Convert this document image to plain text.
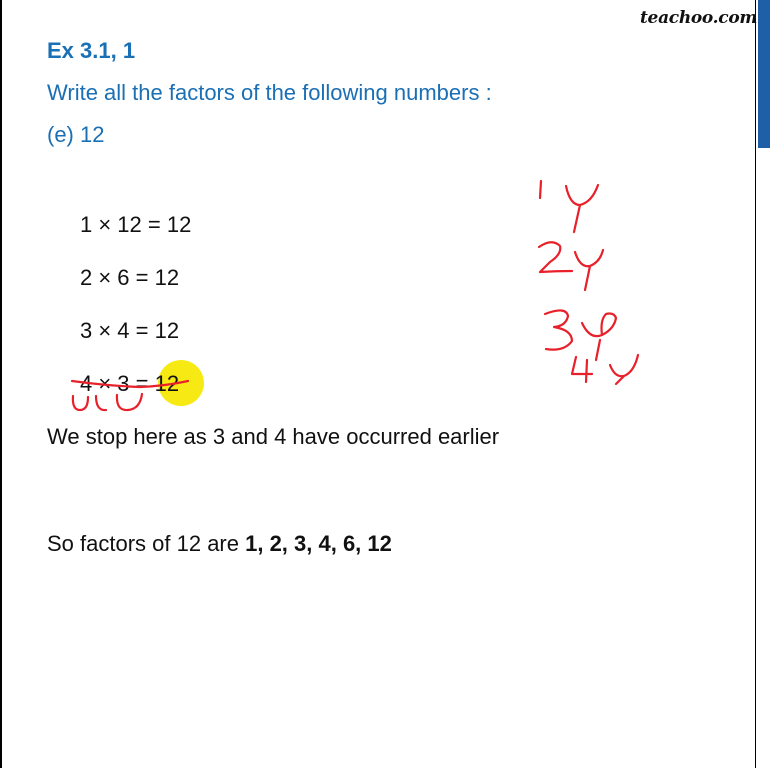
teachoo.com
Ex 3.1, 1
Write all the factors of the following numbers :
(e) 12
1 × 12 = 12
2 × 6 = 12
3 × 4 = 12
4 × 3 = 12
We stop here as 3 and 4 have occurred earlier
So factors of 12 are 1, 2, 3, 4, 6, 12
